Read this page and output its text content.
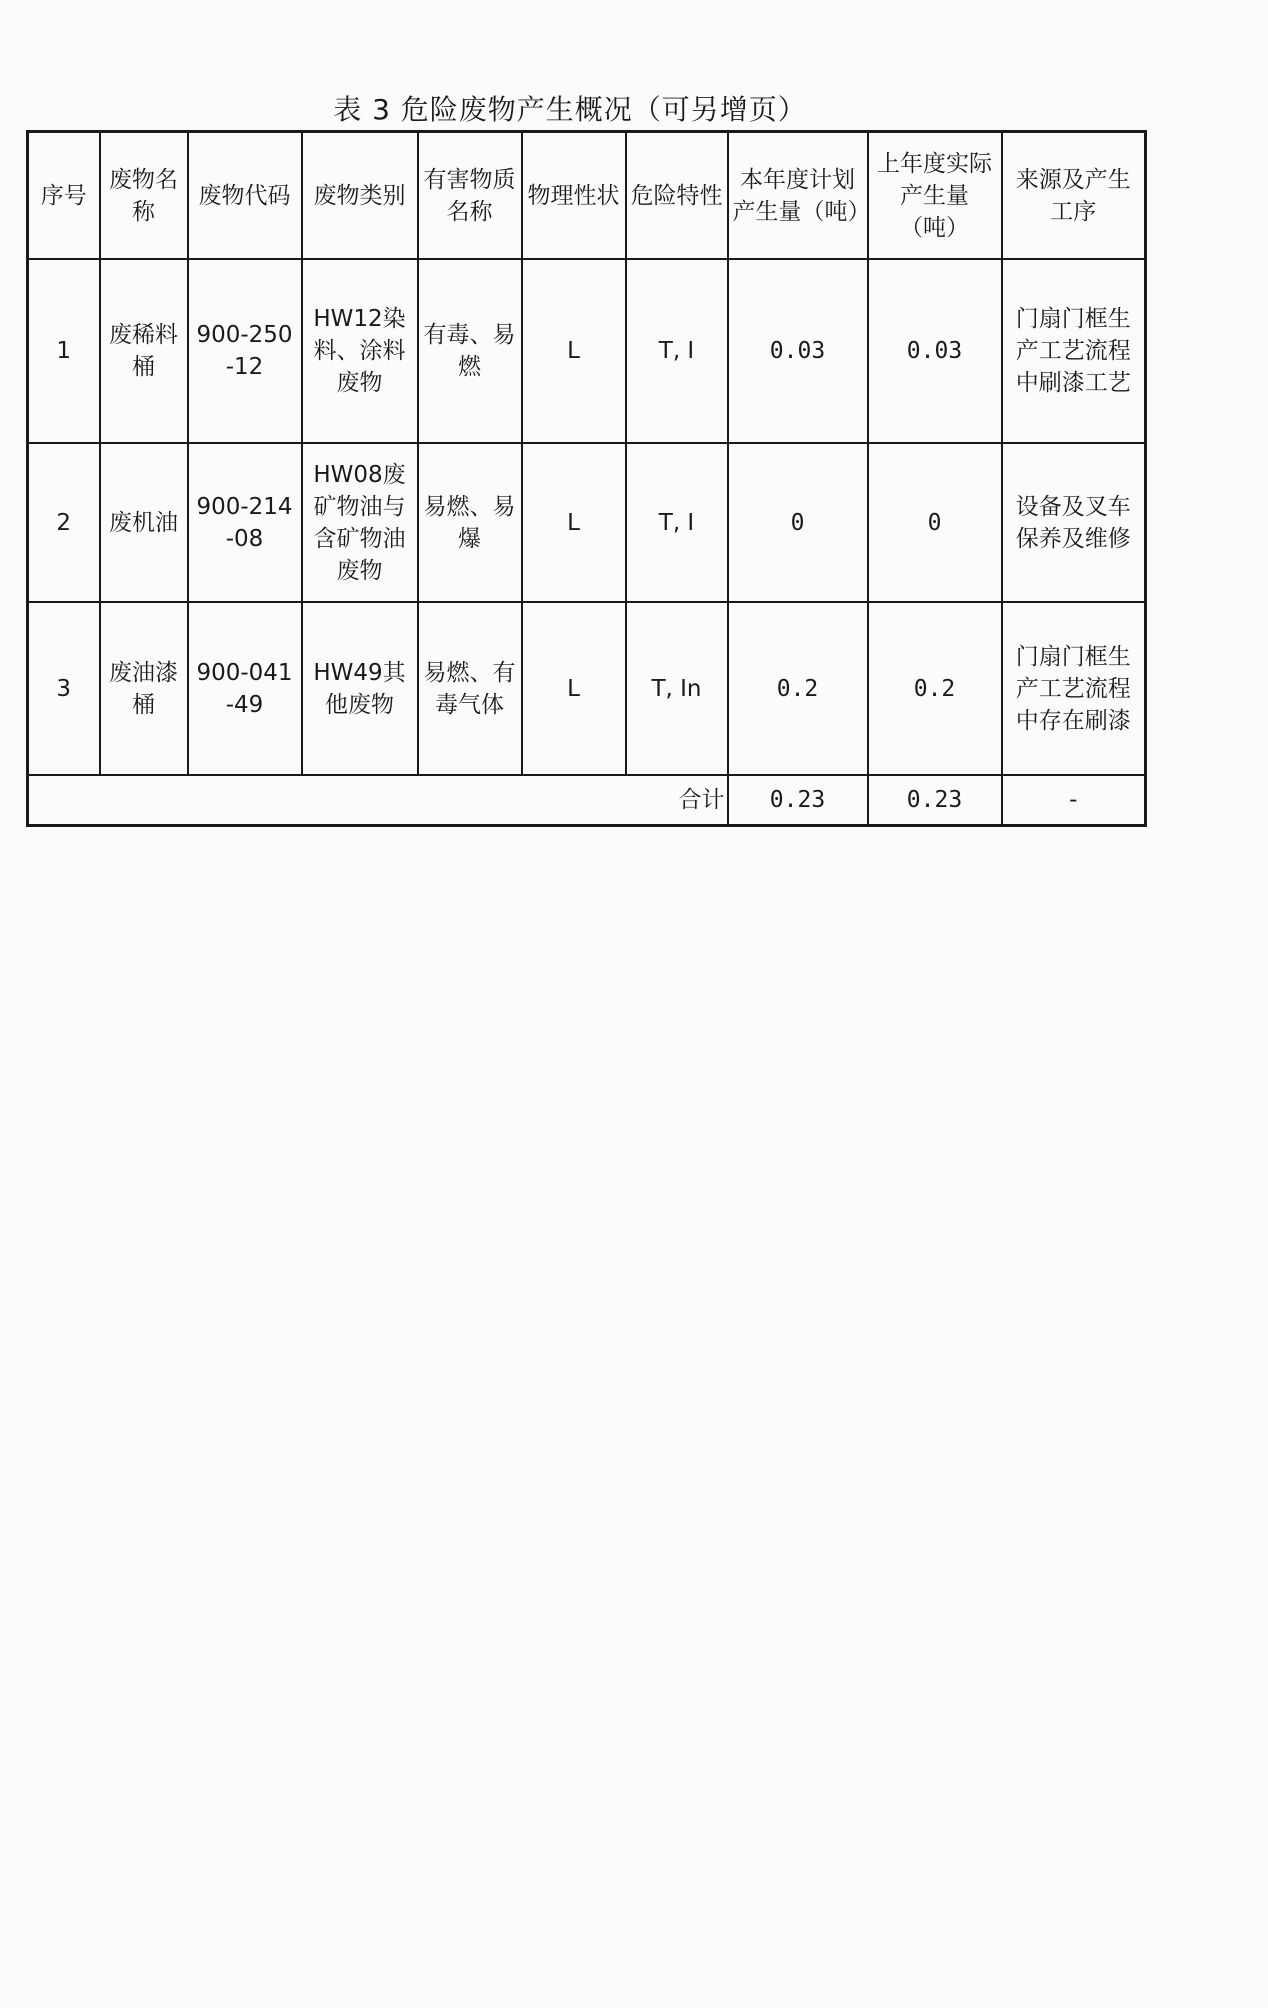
表 3 危险废物产生概况（可另增页）
序号	废物名称	废物代码	废物类别	有害物质名称	物理性状	危险特性	本年度计划产生量（吨）	上年度实际产生量（吨）	来源及产生工序
1	废稀料桶	900-250-12	HW12染料、涂料废物	有毒、易燃	L	T, I	0.03	0.03	门扇门框生产工艺流程中刷漆工艺
2	废机油	900-214-08	HW08废矿物油与含矿物油废物	易燃、易爆	L	T, I	0	0	设备及叉车保养及维修
3	废油漆桶	900-041-49	HW49其他废物	易燃、有毒气体	L	T, In	0.2	0.2	门扇门框生产工艺流程中存在刷漆
合计							0.23	0.23	-
